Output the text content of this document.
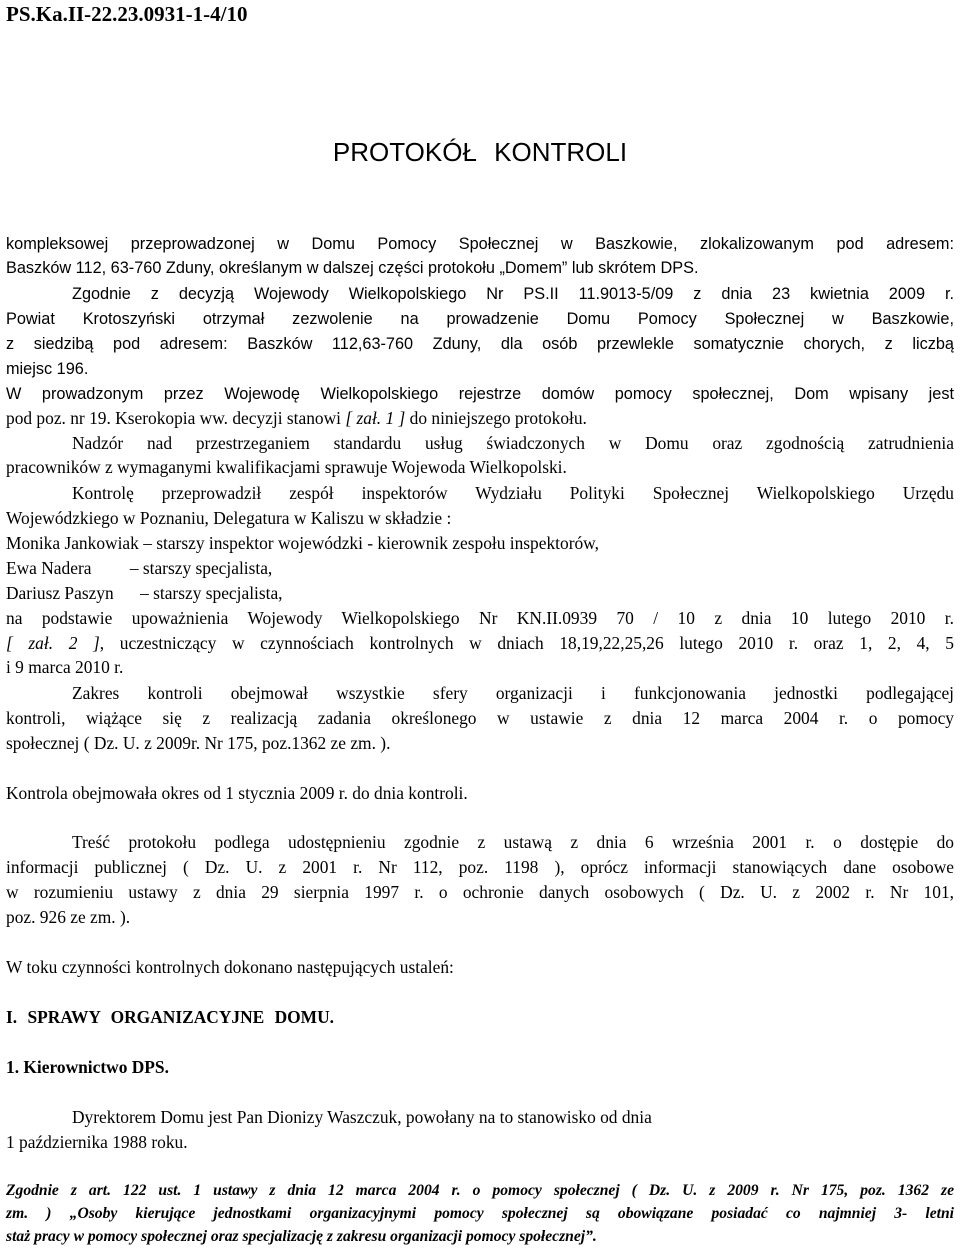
PS.Ka.II-22.23.0931-1-4/10
PROTOKÓŁ KONTROLI
kompleksowej przeprowadzonej w Domu Pomocy Społecznej w Baszkowie, zlokalizowanym pod adresem:
Baszków 112, 63-760 Zduny, określanym w dalszej części protokołu „Domem” lub skrótem DPS.
Zgodnie z decyzją Wojewody Wielkopolskiego Nr PS.II 11.9013-5/09 z dnia 23 kwietnia 2009 r.
Powiat Krotoszyński otrzymał zezwolenie na prowadzenie Domu Pomocy Społecznej w Baszkowie,
z siedzibą pod adresem: Baszków 112,63-760 Zduny, dla osób przewlekle somatycznie chorych, z liczbą
miejsc 196.
W prowadzonym przez Wojewodę Wielkopolskiego rejestrze domów pomocy społecznej, Dom wpisany jest
pod poz. nr 19. Kserokopia ww. decyzji stanowi [ zał. 1 ] do niniejszego protokołu.
Nadzór nad przestrzeganiem standardu usług świadczonych w Domu oraz zgodnością zatrudnienia
pracowników z wymaganymi kwalifikacjami sprawuje Wojewoda Wielkopolski.
Kontrolę przeprowadził zespół inspektorów Wydziału Polityki Społecznej Wielkopolskiego Urzędu
Wojewódzkiego w Poznaniu, Delegatura w Kaliszu w składzie :
Monika Jankowiak – starszy inspektor wojewódzki - kierownik zespołu inspektorów,
Ewa Nadera – starszy specjalista,
Dariusz Paszyn – starszy specjalista,
na podstawie upoważnienia Wojewody Wielkopolskiego Nr KN.II.0939 70 / 10 z dnia 10 lutego 2010 r.
[ zał. 2 ], uczestniczący w czynnościach kontrolnych w dniach 18,19,22,25,26 lutego 2010 r. oraz 1, 2, 4, 5
i 9 marca 2010 r.
Zakres kontroli obejmował wszystkie sfery organizacji i funkcjonowania jednostki podlegającej
kontroli, wiążące się z realizacją zadania określonego w ustawie z dnia 12 marca 2004 r. o pomocy
społecznej ( Dz. U. z 2009r. Nr 175, poz.1362 ze zm. ).
Kontrola obejmowała okres od 1 stycznia 2009 r. do dnia kontroli.
Treść protokołu podlega udostępnieniu zgodnie z ustawą z dnia 6 września 2001 r. o dostępie do
informacji publicznej ( Dz. U. z 2001 r. Nr 112, poz. 1198 ), oprócz informacji stanowiących dane osobowe
w rozumieniu ustawy z dnia 29 sierpnia 1997 r. o ochronie danych osobowych ( Dz. U. z 2002 r. Nr 101,
poz. 926 ze zm. ).
W toku czynności kontrolnych dokonano następujących ustaleń:
I. SPRAWY ORGANIZACYJNE DOMU.
1. Kierownictwo DPS.
Dyrektorem Domu jest Pan Dionizy Waszczuk, powołany na to stanowisko od dnia
1 października 1988 roku.
Zgodnie z art. 122 ust. 1 ustawy z dnia 12 marca 2004 r. o pomocy społecznej ( Dz. U. z 2009 r. Nr 175, poz. 1362 ze
zm. ) „Osoby kierujące jednostkami organizacyjnymi pomocy społecznej są obowiązane posiadać co najmniej 3- letni
staż pracy w pomocy społecznej oraz specjalizację z zakresu organizacji pomocy społecznej”.
